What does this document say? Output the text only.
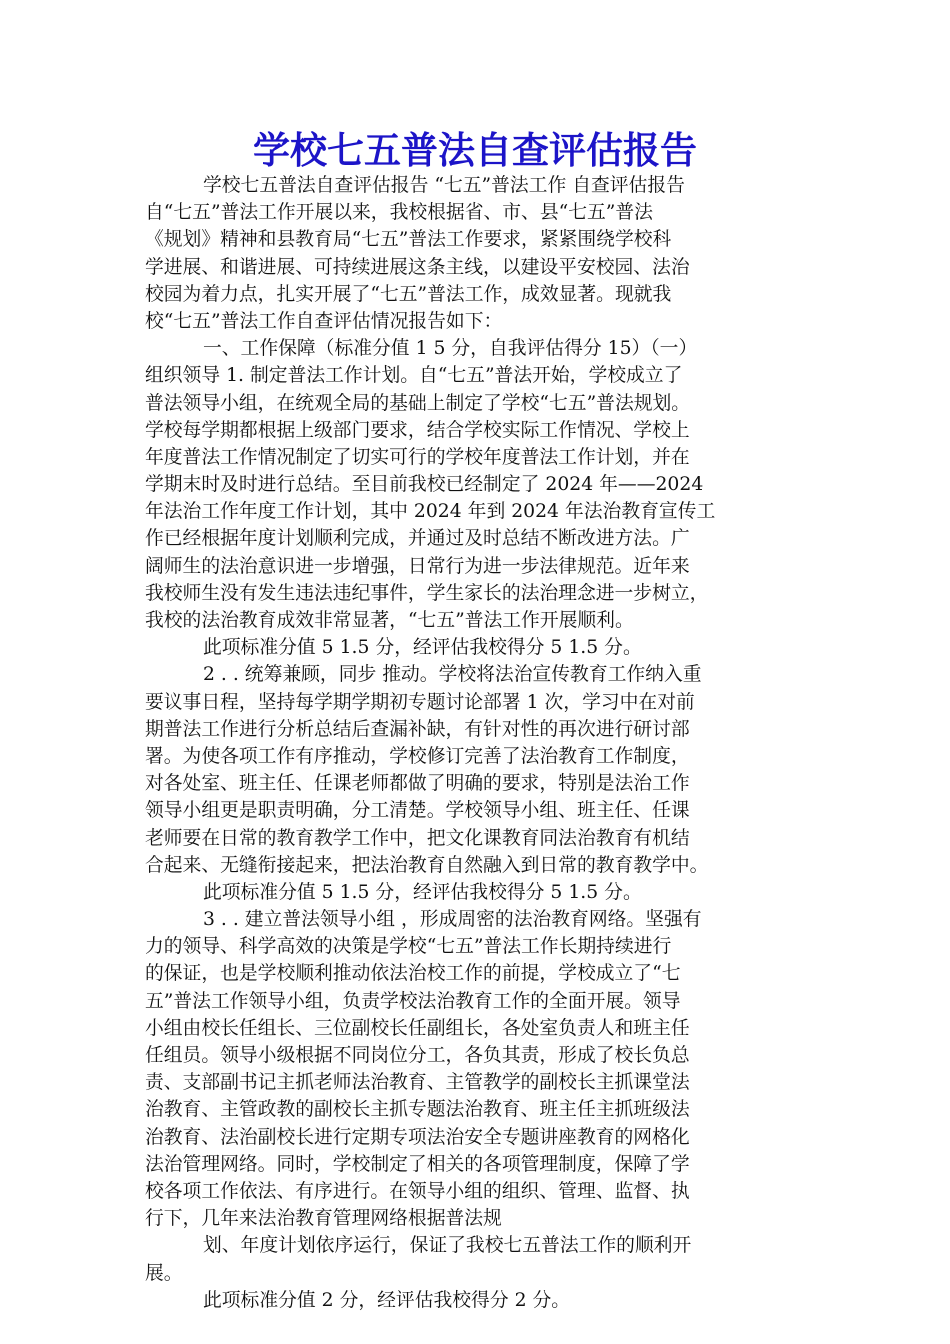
学校七五普法自查评估报告
学校七五普法自查评估报告 “七五”普法工作 自查评估报告
自“七五”普法工作开展以来，我校根据省、市、县“七五”普法
《规划》精神和县教育局“七五”普法工作要求，紧紧围绕学校科
学进展、和谐进展、可持续进展这条主线，以建设平安校园、法治
校园为着力点，扎实开展了“七五”普法工作，成效显著。现就我
校“七五”普法工作自查评估情况报告如下：
一、工作保障（标准分值 1 5 分，自我评估得分 15）（一）
组织领导 1. 制定普法工作计划。自“七五”普法开始，学校成立了
普法领导小组，在统观全局的基础上制定了学校“七五”普法规划。
学校每学期都根据上级部门要求，结合学校实际工作情况、学校上
年度普法工作情况制定了切实可行的学校年度普法工作计划，并在
学期末时及时进行总结。至目前我校已经制定了 2024 年——2024
年法治工作年度工作计划，其中 2024 年到 2024 年法治教育宣传工
作已经根据年度计划顺利完成，并通过及时总结不断改进方法。广
阔师生的法治意识进一步增强，日常行为进一步法律规范。近年来
我校师生没有发生违法违纪事件，学生家长的法治理念进一步树立，
我校的法治教育成效非常显著，“七五”普法工作开展顺利。
此项标准分值 5 1.5 分，经评估我校得分 5 1.5 分。
2 . . 统筹兼顾，同步 推动。学校将法治宣传教育工作纳入重
要议事日程，坚持每学期学期初专题讨论部署 1 次，学习中在对前
期普法工作进行分析总结后查漏补缺，有针对性的再次进行研讨部
署。为使各项工作有序推动，学校修订完善了法治教育工作制度，
对各处室、班主任、任课老师都做了明确的要求，特别是法治工作
领导小组更是职责明确，分工清楚。学校领导小组、班主任、任课
老师要在日常的教育教学工作中，把文化课教育同法治教育有机结
合起来、无缝衔接起来，把法治教育自然融入到日常的教育教学中。
此项标准分值 5 1.5 分，经评估我校得分 5 1.5 分。
3 . . 建立普法领导小组 ，形成周密的法治教育网络。坚强有
力的领导、科学高效的决策是学校“七五”普法工作长期持续进行
的保证，也是学校顺利推动依法治校工作的前提，学校成立了“七
五”普法工作领导小组，负责学校法治教育工作的全面开展。领导
小组由校长任组长、三位副校长任副组长，各处室负责人和班主任
任组员。领导小级根据不同岗位分工，各负其责，形成了校长负总
责、支部副书记主抓老师法治教育、主管教学的副校长主抓课堂法
治教育、主管政教的副校长主抓专题法治教育、班主任主抓班级法
治教育、法治副校长进行定期专项法治安全专题讲座教育的网格化
法治管理网络。同时，学校制定了相关的各项管理制度，保障了学
校各项工作依法、有序进行。在领导小组的组织、管理、监督、执
行下，几年来法治教育管理网络根据普法规
划、年度计划依序运行，保证了我校七五普法工作的顺利开
展。
此项标准分值 2 分，经评估我校得分 2 分。
